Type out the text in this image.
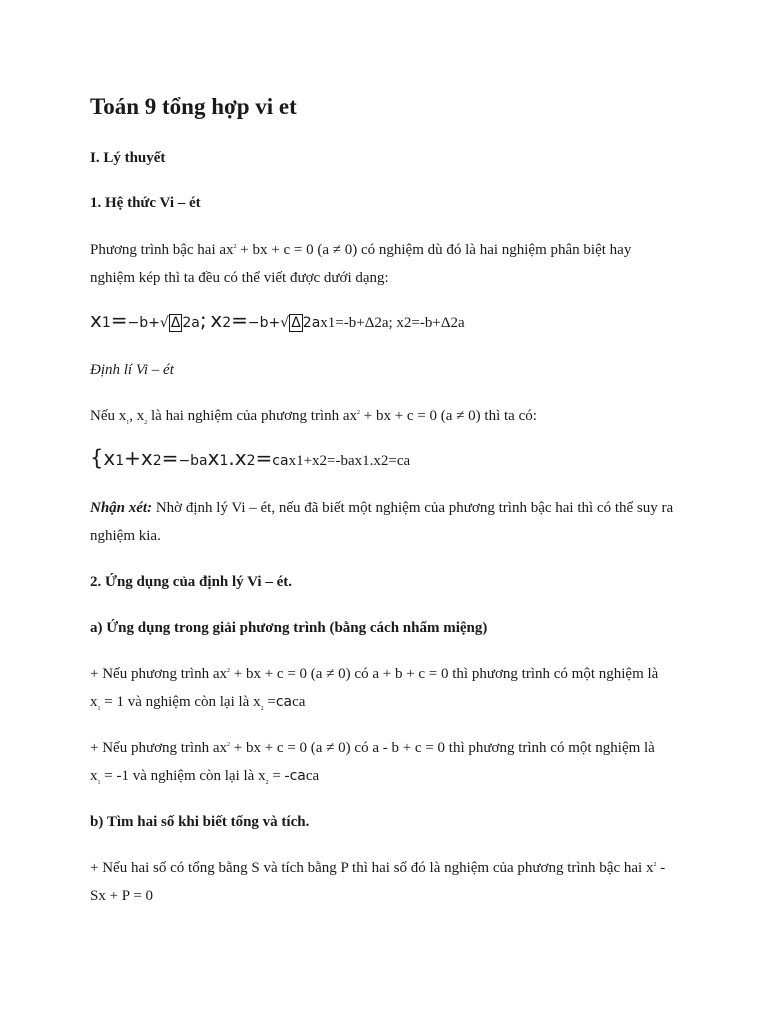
Toán 9 tổng hợp vi et
I. Lý thuyết
1. Hệ thức Vi – ét
Phương trình bậc hai $ax^2$ + bx + c = 0 (a ≠ 0) có nghiệm dù đó là hai nghiệm phân biệt hay
nghiệm kép thì ta đều có thể viết được dưới dạng:
x1=−b+√ Δ 2a; x2=−b+√ Δ 2ax1=-b+Δ2a; x2=-b+Δ2a
Định lí Vi – ét
Nếu $x_1$, $x_2$ là hai nghiệm của phương trình $ax^2$ + bx + c = 0 (a ≠ 0) thì ta có:
{x1+x2=−bax1.x2=cax1+x2=-bax1.x2=ca
Nhận xét: Nhờ định lý Vi – ét, nếu đã biết một nghiệm của phương trình bậc hai thì có thể suy ra
nghiệm kia.
2. Ứng dụng của định lý Vi – ét.
a) Ứng dụng trong giải phương trình (bằng cách nhẩm miệng)
+ Nếu phương trình $ax^2$ + bx + c = 0 (a ≠ 0) có a + b + c = 0 thì phương trình có một nghiệm là
$x_1 = 1$ và nghiệm còn lại là $x_2$ =caca
+ Nếu phương trình $ax^2$ + bx + c = 0 (a ≠ 0) có a - b + c = 0 thì phương trình có một nghiệm là
$x_1 = -1$ và nghiệm còn lại là $x_2$ = -caca
b) Tìm hai số khi biết tổng và tích.
+ Nếu hai số có tổng bằng S và tích bằng P thì hai số đó là nghiệm của phương trình bậc hai $x^2$ -
Sx + P = 0
